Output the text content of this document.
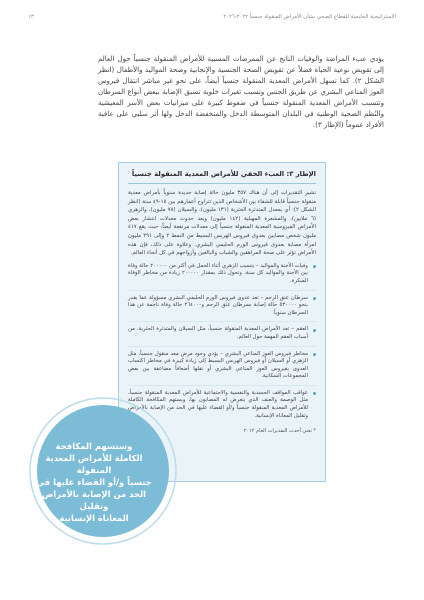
١٣	الاستراتيجية الخليجية للقطاع الصحي بشأن الأمراض المنقولة جنسياً ٢٠٢٢-٢٠٢٦

يؤدي عبء المراضة والوفيات الناتج عن الممرضات المسببة للأمراض المنقولة جنسياً حول العالم إلى تقويض نوعية الحياة فضلاً عن تقويض الصحة الجنسية والإنجابية وصحة المواليد والأطفال (انظر الشكل ٢). كما تسهل الأمراض المعدية المنقولة جنسياً أيضاً، على نحو غير مباشر انتقال فيروس العوز المناعي البشري عن طريق الجنس وتسبب تغيرات خلوية تسبق الإصابة ببعض أنواع السرطان وتتسبب الأمراض المعدية المنقولة جنسياً في ضغوط كبيرة على ميزانيات بعض الأسر المعيشية والنُظم الصحية الوطنية في البلدان المتوسطة الدخل والمنخفضة الدخل ولها أثر سلبي على عافية الأفراد عموماً (الإطار ٣).

الإطار ٣: العبء الخفي للأمراض المعدية المنقولة جنسياً

تشير التقديرات إلى أن هناك ٣٥٧ مليون حالة إصابة جديدة سنوياً بأمراض معدية منقولة جنسياً قابلة للشفاء بين الأشخاص الذين تتراوح أعمارهم بين ١٥-٤٩ سنة (انظر الشكل ٢): أي بمعدل المتدثرة الحثرية (١٣١ مليون)، والسيلان (٧٨ مليون)، والزهري (٦ ملايين)، والمشعرة المهبلية (١٤٢ مليون) ويعد حدوث معدلات انتشار بعض الأمراض الفيروسية المعدية المنقولة جنسياً إلى معدلات مرتفعة أيضاً، حيث يقع ٤١٧ مليون شخص مصابين بعدوى فيروس الهربس البسيط من النمط ٢ وإلى ٢٩١ مليون امرأة مصابة بعدوى فيروس الورم الحليمي البشري. وعلاوة على ذلك، فإن هذه الأمراض تؤثر على صحة المراهقين والشباب والبالغين وأزواجهم في كل أنحاء العالم.

وفيات الأجنة والمواليد – يتسبب الزهري أثناء الحمل في أكثر من ٢٠٠٠٠٠ حالة وفاة بين الأجنة والمواليد كل سنة، وتحول ذلك بمقدار ٢٠٠٠٠٠ زيادة من مخاطر الوفاة المبكرة.
سرطان عنق الرحم – تعد عدوى فيروس الورم الحليمي البشري مسؤولة عما يقدر بنحو ٥٣٠٠٠٠ حالة إصابة بسرطان عنق الرحم و٢٦٤٠٠٠ حالة وفاة ناجمة عن هذا السرطان سنوياً.
العقم – تعد الأمراض المعدية المنقولة جنسياً، مثل السيلان والمتدثرة الحثرية، من أسباب العقم المهمة حول العالم.
مخاطر فيروس العوز المناعي البشري – يؤدي وجود مرض معد منقول جنسياً، مثل الزهري أو السيلان أو فيروس الهربس البسيط إلى زيادة كبيرة في مخاطر اكتساب العدوى بفيروس العوز المناعي البشري أو نقلها أضعافاً مضاعفة بين بعض المجموعات السكانية.
عواقب المواقف الجسدية والنفسية والاجتماعية للأمراض المعدية المنقولة جنسياً، مثل الوصمة والعنف الذي يتعرض له المصابون بها، ويستهم المكافحة الكاملة للأمراض المعدية المنقولة جنسياً و/أو القضاء عليها في الحد من الإصابة بالأمراض وتقليل المعاناة الإنسانية.
* تعني أحدث التقديرات العام ٢٠١٢
وستسهم المكافحة
الكاملة للأمراض المعدية المنقولة
جنسياً و/أو القضاء عليها في
الحد من الإصابة بالأمراض وتقليل
المعاناة الإنسانية
